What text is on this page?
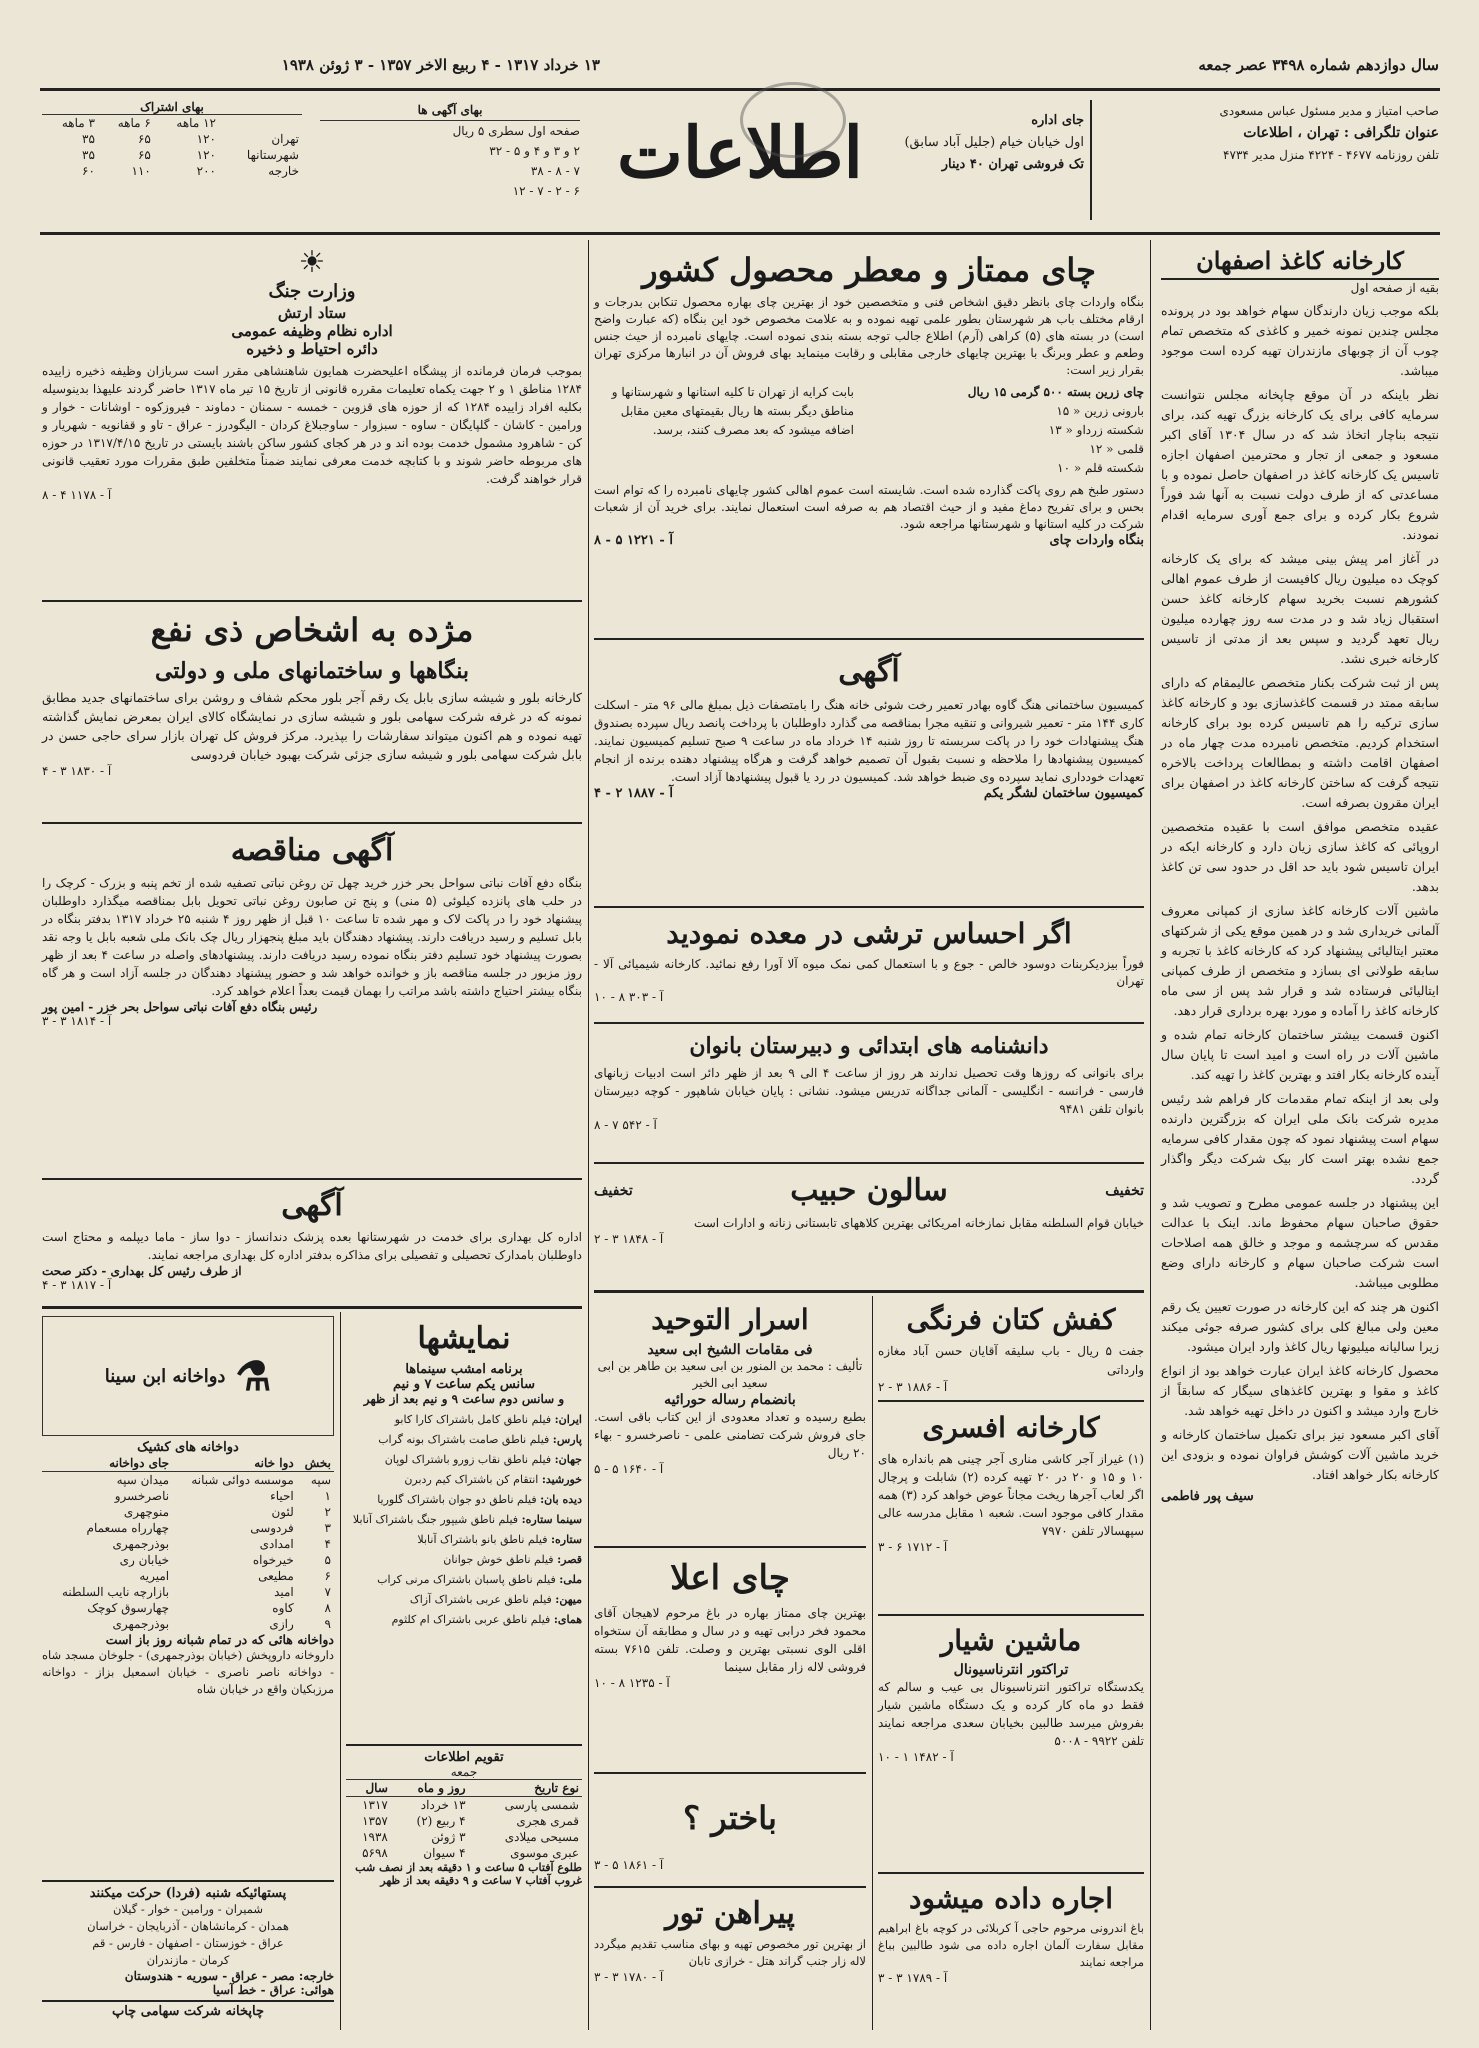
۱۳ خرداد ۱۳۱۷ - ۴ ربیع الاخر ۱۳۵۷ - ۳ ژوئن ۱۹۳۸	سال دوازدهم شماره ۳۴۹۸ عصر جمعه
صاحب امتیاز و مدیر مسئول عباس مسعودی
عنوان تلگرافی : تهران ، اطلاعات
تلفن روزنامه ۴۶۷۷ - ۴۲۲۴ منزل مدیر ۴۷۳۴
جای اداره
اول خیابان خیام (جلیل آباد سابق)
تک فروشی تهران ۴۰ دینار
اطلاعات
بهای آگهی ها
صفحه اول سطری ۵ ریال
۲ و ۳ و ۴ و ۵ - ۳۲
۷ - ۸ - ۳۸
۶ - ۲ - ۷ - ۱۲
بهای اشتراک
	۱۲ ماهه	۶ ماهه	۳ ماهه
تهران	۱۲۰	۶۵	۳۵
شهرستانها	۱۲۰	۶۵	۳۵
خارجه	۲۰۰	۱۱۰	۶۰
کارخانه کاغذ اصفهان
بقیه از صفحه اول

بلکه موجب زیان دارندگان سهام خواهد بود در پرونده مجلس چندین نمونه خمیر و کاغذی که متخصص تمام چوب آن از چوبهای مازندران تهیه کرده است موجود میباشد.

نظر باینکه در آن موقع چاپخانه مجلس نتوانست سرمایه کافی برای یک کارخانه بزرگ تهیه کند، برای نتیجه بناچار اتخاذ شد که در سال ۱۳۰۴ آقای اکبر مسعود و جمعی از تجار و محترمین اصفهان اجازه تاسیس یک کارخانه کاغذ در اصفهان حاصل نموده و با مساعدتی که از طرف دولت نسبت به آنها شد فوراً شروع بکار کرده و برای جمع آوری سرمایه اقدام نمودند.

در آغاز امر پیش بینی میشد که برای یک کارخانه کوچک ده میلیون ریال کافیست از طرف عموم اهالی کشورهم نسبت بخرید سهام کارخانه کاغذ حسن استقبال زیاد شد و در مدت سه روز چهارده میلیون ریال تعهد گردید و سپس بعد از مدتی از تاسیس کارخانه خبری نشد.

پس از ثبت شرکت بکنار متخصص عالیمقام که دارای سابقه ممتد در قسمت کاغذسازی بود و کارخانه کاغذ سازی ترکیه را هم تاسیس کرده بود برای کارخانه استخدام کردیم. متخصص نامبرده مدت چهار ماه در اصفهان اقامت داشته و بمطالعات پرداخت بالاخره نتیجه گرفت که ساختن کارخانه کاغذ در اصفهان برای ایران مقرون بصرفه است.

عقیده متخصص موافق است با عقیده متخصصین اروپائی که کاغذ سازی زیان دارد و کارخانه ایکه در ایران تاسیس شود باید حد اقل در حدود سی تن کاغذ بدهد.

ماشین آلات کارخانه کاغذ سازی از کمپانی معروف آلمانی خریداری شد و در همین موقع یکی از شرکتهای معتبر ایتالیائی پیشنهاد کرد که کارخانه کاغذ با تجربه و سابقه طولانی ای بسازد و متخصص از طرف کمپانی ایتالیائی فرستاده شد و قرار شد پس از سی ماه کارخانه کاغذ را آماده و مورد بهره برداری قرار دهد.

اکنون قسمت بیشتر ساختمان کارخانه تمام شده و ماشین آلات در راه است و امید است تا پایان سال آینده کارخانه بکار افتد و بهترین کاغذ را تهیه کند.

ولی بعد از اینکه تمام مقدمات کار فراهم شد رئیس مدیره شرکت بانک ملی ایران که بزرگترین دارنده سهام است پیشنهاد نمود که چون مقدار کافی سرمایه جمع نشده بهتر است کار بیک شرکت دیگر واگذار گردد.

این پیشنهاد در جلسه عمومی مطرح و تصویب شد و حقوق صاحبان سهام محفوظ ماند. اینک با عدالت مقدس که سرچشمه و موجد و خالق همه اصلاحات است شرکت صاحبان سهام و کارخانه دارای وضع مطلوبی میباشد.

اکنون هر چند که این کارخانه در صورت تعیین یک رقم معین ولی مبالغ کلی برای کشور صرفه جوئی میکند زیرا سالیانه میلیونها ریال کاغذ وارد ایران میشود.

محصول کارخانه کاغذ ایران عبارت خواهد بود از انواع کاغذ و مقوا و بهترین کاغذهای سیگار که سابقاً از خارج وارد میشد و اکنون در داخل تهیه خواهد شد.

آقای اکبر مسعود نیز برای تکمیل ساختمان کارخانه و خرید ماشین آلات کوشش فراوان نموده و بزودی این کارخانه بکار خواهد افتاد.

سیف پور فاطمی
چای ممتاز و معطر محصول کشور
بنگاه واردات چای بانظر دقیق اشخاص فنی و متخصصین خود از بهترین چای بهاره محصول تنکابن بدرجات و ارقام مختلف باب هر شهرستان بطور علمی تهیه نموده و به علامت مخصوص خود این بنگاه (که عبارت واضح است) در بسته های (۵) کراهی (آرم) اطلاع جالب توجه بسته بندی نموده است. چایهای نامبرده از حیث جنس وطعم و عطر وبرنگ با بهترین چایهای خارجی مقابلی و رقابت مینماید بهای فروش آن در انبارها مرکزی تهران بقرار زیر است:
چای زرین بسته ۵۰۰ گرمی ۱۵ ریال
بارونی زرین « ۱۵
شکسته زرداو « ۱۳
قلمی « ۱۲
شکسته قلم « ۱۰
بابت کرایه از تهران تا کلیه استانها و شهرستانها و مناطق دیگر بسته ها ریال بقیمتهای معین مقابل اضافه میشود که بعد مصرف کنند، برسد.
دستور طبخ هم روی پاکت گذارده شده است. شایسته است عموم اهالی کشور چایهای نامبرده را که توام است بحس و برای تفریح دماغ مفید و از حیث اقتصاد هم به صرفه است استعمال نمایند. برای خرید آن از شعبات شرکت در کلیه استانها و شهرستانها مراجعه شود.
بنگاه واردات چای
آ - ۱۲۲۱ ۵ - ۸
آگهی
کمیسیون ساختمانی هنگ گاوه بهادر تعمیر رخت شوئی خانه هنگ را بامتصفات ذیل بمبلغ مالی ۹۶ متر - اسکلت کاری ۱۴۴ متر - تعمیر شیروانی و تنقیه مجرا بمناقصه می گذارد داوطلبان با پرداخت پانصد ریال سپرده بصندوق هنگ پیشنهادات خود را در پاکت سربسته تا روز شنبه ۱۴ خرداد ماه در ساعت ۹ صبح تسلیم کمیسیون نمایند. کمیسیون پیشنهادها را ملاحظه و نسبت بقبول آن تصمیم خواهد گرفت و هرگاه پیشنهاد دهنده برنده از انجام تعهدات خودداری نماید سپرده وی ضبط خواهد شد. کمیسیون در رد یا قبول پیشنهادها آزاد است.
کمیسیون ساختمان لشگر یکم
آ - ۱۸۸۷ ۲ - ۴
اگر احساس ترشی در معده نمودید
فوراً بیزدیکربنات دوسود خالص - جوع و با استعمال کمی نمک میوه آلا آورا رفع نمائید. کارخانه شیمیائی آلا - تهران
آ - ۳۰۳ ۸ - ۱۰
دانشنامه های ابتدائی و دبیرستان بانوان
برای بانوانی که روزها وقت تحصیل ندارند هر روز از ساعت ۴ الی ۹ بعد از ظهر دائر است ادبیات زبانهای فارسی - فرانسه - انگلیسی - آلمانی جداگانه تدریس میشود. نشانی : پایان خیابان شاهپور - کوچه دبیرستان بانوان تلفن ۹۴۸۱
آ - ۵۴۲ ۷ - ۸
تخفیف
سالون حبیب
تخفیف
خیابان قوام السلطنه مقابل نمازخانه امریکائی بهترین کلاههای تابستانی زنانه و ادارات است
آ - ۱۸۴۸ ۳ - ۲
کفش کتان فرنگی
جفت ۵ ریال - باب سلیقه آقایان حسن آباد مغازه وارداتی
آ - ۱۸۸۶ ۳ - ۲
کارخانه افسری
(۱) غیراز آجر کاشی مناری آجر چینی هم بانداره های ۱۰ و ۱۵ و ۲۰ در ۲۰ تهیه کرده (۲) شابلت و پرچال اگر لعاب آجرها ریخت مجاناً عوض خواهد کرد (۳) همه مقدار کافی موجود است. شعبه ۱ مقابل مدرسه عالی سپهسالار تلفن ۷۹۷۰
آ - ۱۷۱۲ ۶ - ۳
ماشین شیار
تراکتور انترناسیونال
یکدستگاه تراکتور انترناسیونال بی عیب و سالم که فقط دو ماه کار کرده و یک دستگاه ماشین شیار بفروش میرسد طالبین بخیابان سعدی مراجعه نمایند تلفن ۹۹۲۲ - ۵۰۰۸
آ - ۱۴۸۲ ۱ - ۱۰
اجاره داده میشود
باغ اندرونی مرحوم حاجی آ کربلائی در کوچه باغ ابراهیم مقابل سفارت آلمان اجاره داده می شود طالبین بباغ مراجعه نمایند
آ - ۱۷۸۹ ۳ - ۳
اسرار التوحید
فی مقامات الشیخ ابی سعید
تألیف : محمد بن المنور بن ابی سعید بن طاهر بن ابی سعید ابی الخیر
بانضمام رساله حورائیه
بطبع رسیده و تعداد معدودی از این کتاب باقی است. جای فروش شرکت تضامنی علمی - ناصرخسرو - بهاء ۲۰ ریال
آ - ۱۶۴۰ ۵ - ۵
چای اعلا
بهترین چای ممتاز بهاره در باغ مرحوم لاهیجان آقای محمود فخر درابی تهیه و در سال و مطابقه آن ستخواه اقلی الوی نسبتی بهترین و وصلت. تلفن ۷۶۱۵ بسته فروشی لاله زار مقابل سینما
آ - ۱۲۳۵ ۸ - ۱۰
باختر ؟
آ - ۱۸۶۱ ۵ - ۳
پیراهن تور
از بهترین تور مخصوص تهیه و بهای مناسب تقدیم میگردد لاله زار جنب گراند هتل - خرازی تابان
آ - ۱۷۸۰ ۳ - ۳
☀
وزارت جنگ
ستاد ارتش
اداره نظام وظیفه عمومی
دائره احتیاط و ذخیره
بموجب فرمان فرمانده از پیشگاه اعلیحضرت همایون شاهنشاهی مقرر است سربازان وظیفه ذخیره زاییده ۱۲۸۴ مناطق ۱ و ۲ جهت یکماه تعلیمات مقرره قانونی از تاریخ ۱۵ تیر ماه ۱۳۱۷ حاضر گردند علیهذا بدینوسیله بکلیه افراد زاییده ۱۲۸۴ که از حوزه های قزوین - خمسه - سمنان - دماوند - فیروزکوه - اوشانات - خوار و ورامین - کاشان - گلپایگان - ساوه - سبزوار - ساوجبلاغ کردان - الیگودرز - عراق - تاو و قفانویه - شهریار و کن - شاهرود مشمول خدمت بوده اند و در هر کجای کشور ساکن باشند بایستی در تاریخ ۱۳۱۷/۴/۱۵ در حوزه های مربوطه حاضر شوند و با کتابچه خدمت معرفی نمایند ضمناً متخلفین طبق مقررات مورد تعقیب قانونی قرار خواهند گرفت.
آ - ۱۱۷۸ ۴ - ۸
مژده به اشخاص ذی نفع
بنگاهها و ساختمانهای ملی و دولتی
کارخانه بلور و شیشه سازی بابل یک رقم آجر بلور محکم شفاف و روشن برای ساختمانهای جدید مطابق نمونه که در غرفه شرکت سهامی بلور و شیشه سازی در نمایشگاه کالای ایران بمعرض نمایش گذاشته تهیه نموده و هم اکنون میتواند سفارشات را بپذیرد. مرکز فروش کل تهران بازار سرای حاجی حسن در بابل شرکت سهامی بلور و شیشه سازی جزئی شرکت بهبود خیابان فردوسی
آ - ۱۸۳۰ ۳ - ۴
آگهی مناقصه
بنگاه دفع آفات نباتی سواحل بحر خزر خرید چهل تن روغن نباتی تصفیه شده از تخم پنبه و بزرک - کرچک را در حلب های پانزده کیلوئی (۵ منی) و پنج تن صابون روغن نباتی تحویل بابل بمناقصه میگذارد داوطلبان پیشنهاد خود را در پاکت لاک و مهر شده تا ساعت ۱۰ قبل از ظهر روز ۴ شنبه ۲۵ خرداد ۱۳۱۷ بدفتر بنگاه در بابل تسلیم و رسید دریافت دارند. پیشنهاد دهندگان باید مبلغ پنجهزار ریال چک بانک ملی شعبه بابل یا وجه نقد بصورت پیشنهاد خود تسلیم دفتر بنگاه نموده رسید دریافت دارند. پیشنهادهای واصله در ساعت ۴ بعد از ظهر روز مزبور در جلسه مناقصه باز و خوانده خواهد شد و حضور پیشنهاد دهندگان در جلسه آزاد است و هر گاه بنگاه بیشتر احتیاج داشته باشد مراتب را بهمان قیمت بعداً اعلام خواهد کرد.
رئیس بنگاه دفع آفات نباتی سواحل بحر خزر - امین پور
آ - ۱۸۱۴ ۳ - ۳
آگهی
اداره کل بهداری برای خدمت در شهرستانها بعده پزشک دندانساز - دوا ساز - ماما دیپلمه و محتاج است داوطلبان بامدارک تحصیلی و تفصیلی برای مذاکره بدفتر اداره کل بهداری مراجعه نمایند.
از طرف رئیس کل بهداری - دکتر صحت
آ - ۱۸۱۷ ۳ - ۴
نمایشها
برنامه امشب سینماها
سانس یکم ساعت ۷ و نیم
و سانس دوم ساعت ۹ و نیم بعد از ظهر
ایران: فیلم ناطق کامل باشتراک کارا کابو
پارس: فیلم ناطق صامت باشتراک بونه گراب
جهان: فیلم ناطق نقاب زورو باشتراک لوپان
خورشید: انتقام کن باشتراک کیم ردبرن
دیده بان: فیلم ناطق دو جوان باشتراک گلوریا
سینما ستاره: فیلم ناطق شیپور جنگ باشتراک آنابلا
ستاره: فیلم ناطق بانو باشتراک آنابلا
قصر: فیلم ناطق خوش جوانان
ملی: فیلم ناطق پاسبان باشتراک مرنی کراب
میهن: فیلم ناطق عربی باشتراک آزاک
همای: فیلم ناطق عربی باشتراک ام کلثوم
تقویم اطلاعات
جمعه
نوع تاریخ	روز و ماه	سال
شمسی پارسی	۱۳ خرداد	۱۳۱۷
قمری هجری	۴ ربیع (۲)	۱۳۵۷
مسیحی میلادی	۳ ژوئن	۱۹۳۸
عبری موسوی	۴ سیوان	۵۶۹۸
طلوع آفتاب ۵ ساعت و ۱ دقیقه بعد از نصف شب
غروب آفتاب ۷ ساعت و ۹ دقیقه بعد از ظهر
⚗
دواخانه ابن سینا
دواخانه های کشیک
بخش	دوا خانه	جای دواخانه
سپه	موسسه دوائی شبانه	میدان سپه
۱	احیاء	ناصرخسرو
۲	لئون	منوچهری
۳	فردوسی	چهارراه مسعمام
۴	امدادی	بوذرجمهری
۵	خیرخواه	خیابان ری
۶	مطیعی	امیریه
۷	امید	بازارچه نایب السلطنه
۸	کاوه	چهارسوق کوچک
۹	رازی	بوذرجمهری
دواخانه هائی که در تمام شبانه روز باز است
داروخانه داروپخش (خیابان بوذرجمهری) - جلوخان مسجد شاه - دواخانه ناصر ناصری - خیابان اسمعیل بزاز - دواخانه مرزبکیان واقع در خیابان شاه
پستهائیکه شنبه (فردا) حرکت میکنند
شمیران - ورامین - خوار - گیلان
همدان - کرمانشاهان - آذربایجان - خراسان
عراق - خوزستان - اصفهان - فارس - قم
کرمان - مازندران
خارجه: مصر - عراق - سوریه - هندوستان
هوائی: عراق - خط آسیا
چاپخانه شرکت سهامی چاپ
